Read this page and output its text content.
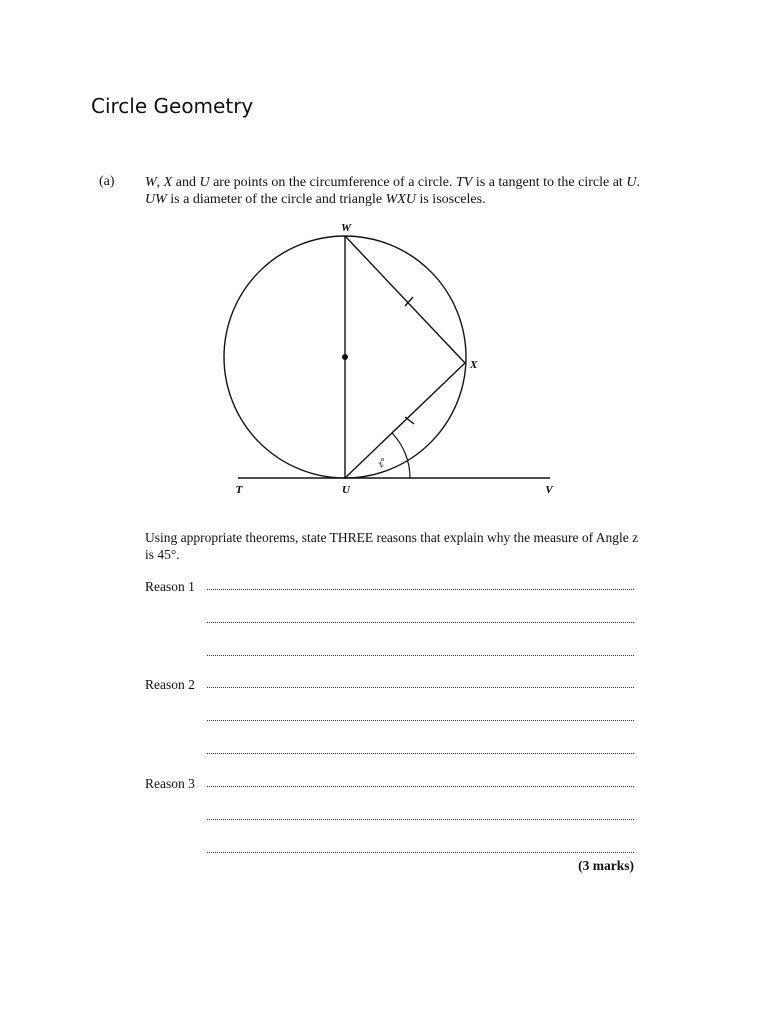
Circle Geometry
(a) W, X and U are points on the circumference of a circle. TV is a tangent to the circle at U.
UW is a diameter of the circle and triangle WXU is isosceles.
W
X
U
T	V
z°
Using appropriate theorems, state THREE reasons that explain why the measure of Angle z is 45°.
Reason 1
Reason 2
Reason 3
(3 marks)
